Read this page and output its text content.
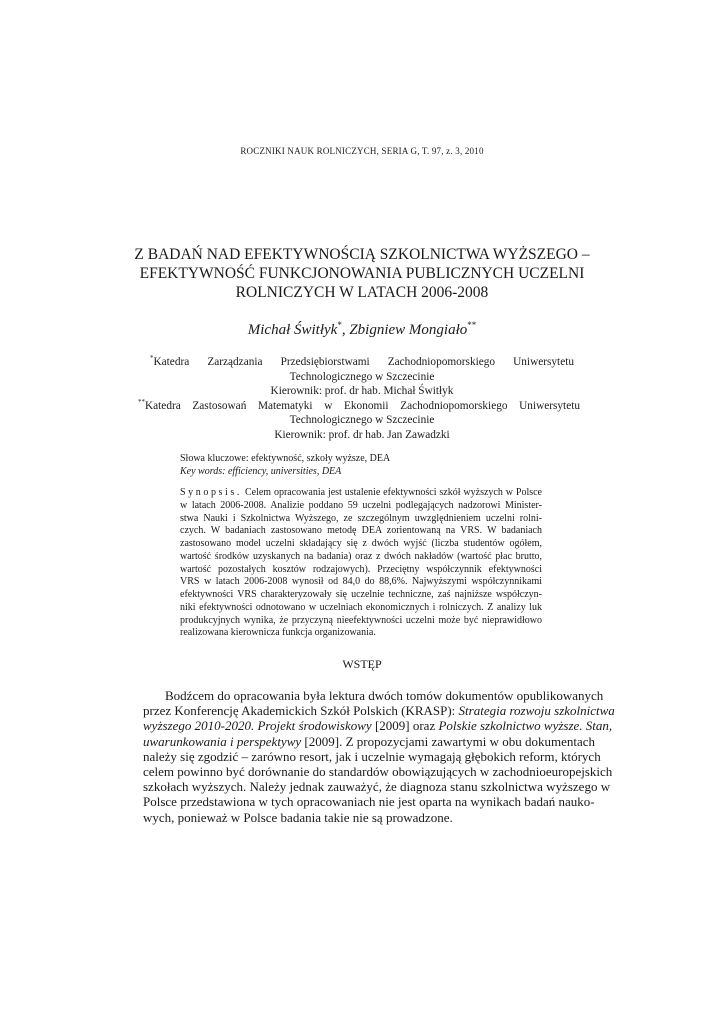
ROCZNIKI NAUK ROLNICZYCH, SERIA G, T. 97, z. 3, 2010
Z BADAŃ NAD EFEKTYWNOŚCIĄ SZKOLNICTWA WYŻSZEGO –
EFEKTYWNOŚĆ FUNKCJONOWANIA PUBLICZNYCH UCZELNI
ROLNICZYCH W LATACH 2006-2008
Michał Świtłyk*, Zbigniew Mongiało**
*Katedra Zarządzania Przedsiębiorstwami Zachodniopomorskiego Uniwersytetu
Technologicznego w Szczecinie
Kierownik: prof. dr hab. Michał Świtłyk
**Katedra Zastosowań Matematyki w Ekonomii Zachodniopomorskiego Uniwersytetu
Technologicznego w Szczecinie
Kierownik: prof. dr hab. Jan Zawadzki
Słowa kluczowe: efektywność, szkoły wyższe, DEA
Key words: efficiency, universities, DEA
Synopsis. Celem opracowania jest ustalenie efektywności szkół wyższych w Polsce
w latach 2006-2008. Analizie poddano 59 uczelni podlegających nadzorowi Minister-
stwa Nauki i Szkolnictwa Wyższego, ze szczególnym uwzględnieniem uczelni rolni-
czych. W badaniach zastosowano metodę DEA zorientowaną na VRS. W badaniach
zastosowano model uczelni składający się z dwóch wyjść (liczba studentów ogółem,
wartość środków uzyskanych na badania) oraz z dwóch nakładów (wartość płac brutto,
wartość pozostałych kosztów rodzajowych). Przeciętny współczynnik efektywności
VRS w latach 2006-2008 wynosił od 84,0 do 88,6%. Najwyższymi współczynnikami
efektywności VRS charakteryzowały się uczelnie techniczne, zaś najniższe współczyn-
niki efektywności odnotowano w uczelniach ekonomicznych i rolniczych. Z analizy luk
produkcyjnych wynika, że przyczyną nieefektywności uczelni może być nieprawidłowo
realizowana kierownicza funkcja organizowania.
WSTĘP
Bodźcem do opracowania była lektura dwóch tomów dokumentów opublikowanych
przez Konferencję Akademickich Szkół Polskich (KRASP): Strategia rozwoju szkolnictwa
wyższego 2010-2020. Projekt środowiskowy [2009] oraz Polskie szkolnictwo wyższe. Stan,
uwarunkowania i perspektywy [2009]. Z propozycjami zawartymi w obu dokumentach
należy się zgodzić – zarówno resort, jak i uczelnie wymagają głębokich reform, których
celem powinno być dorównanie do standardów obowiązujących w zachodnioeuropejskich
szkołach wyższych. Należy jednak zauważyć, że diagnoza stanu szkolnictwa wyższego w
Polsce przedstawiona w tych opracowaniach nie jest oparta na wynikach badań nauko-
wych, ponieważ w Polsce badania takie nie są prowadzone.
